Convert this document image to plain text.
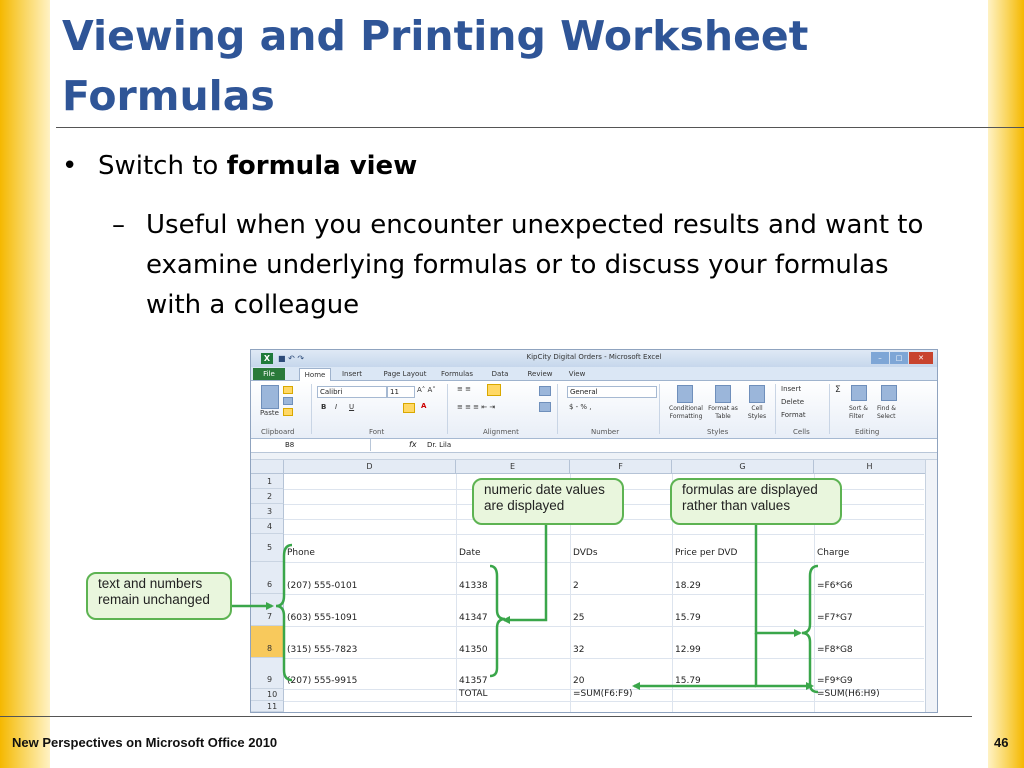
Viewing and Printing Worksheet Formulas
• Switch to formula view
– Useful when you encounter unexpected results and want to examine underlying formulas or to discuss your formulas with a colleague
X ■ ↶ ↷	KipCity Digital Orders - Microsoft Excel	– □ ✕
File	Home	Insert	Page Layout	Formulas	Data	Review	View
Paste
Calibri	11	A˄ A˅
B I U	A
≡ ≡
≡ ≡ ≡ ⇤ ⇥
General
$ - % ,	Conditional Formatting
Format as Table
Cell Styles
Insert
Delete
Format
Σ
Sort & Filter
Find & Select
Clipboard	Font	Alignment	Number	Styles	Cells	Editing
B8	fx Dr. Lila
D	E	F	G	H
1
2
3
4
5
6
7
8
9
10
11
Phone	Date	DVDs	Price per DVD	Charge
(207) 555-0101	41338	2	18.29	=F6*G6
(603) 555-1091	41347	25	15.79	=F7*G7
(315) 555-7823	41350	32	12.99	=F8*G8
(207) 555-9915	41357	20	15.79	=F9*G9
TOTAL	=SUM(F6:F9)	=SUM(H6:H9)
numeric date values
are displayed
formulas are displayed
rather than values
text and numbers
remain unchanged
New Perspectives on Microsoft Office 2010	46
